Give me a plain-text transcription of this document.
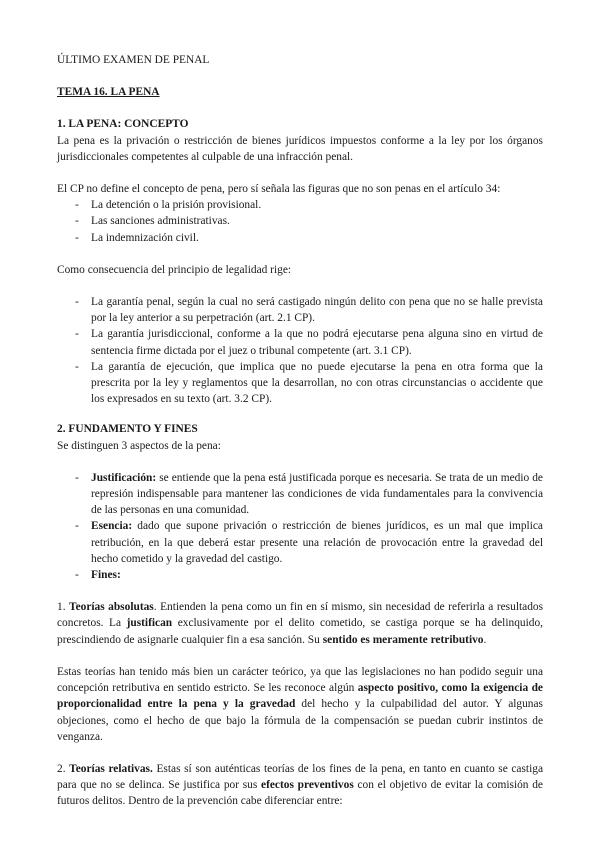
ÚLTIMO EXAMEN DE PENAL

TEMA 16. LA PENA

1. LA PENA: CONCEPTO

La pena es la privación o restricción de bienes jurídicos impuestos conforme a la ley por los órganos jurisdiccionales competentes al culpable de una infracción penal.

El CP no define el concepto de pena, pero sí señala las figuras que no son penas en el artículo 34:

- La detención o la prisión provisional.
- Las sanciones administrativas.
- La indemnización civil.

Como consecuencia del principio de legalidad rige:

- La garantía penal, según la cual no será castigado ningún delito con pena que no se halle prevista por la ley anterior a su perpetración (art. 2.1 CP).
- La garantía jurisdiccional, conforme a la que no podrá ejecutarse pena alguna sino en virtud de sentencia firme dictada por el juez o tribunal competente (art. 3.1 CP).
- La garantía de ejecución, que implica que no puede ejecutarse la pena en otra forma que la prescrita por la ley y reglamentos que la desarrollan, no con otras circunstancias o accidente que los expresados en su texto (art. 3.2 CP).

2. FUNDAMENTO Y FINES

Se distinguen 3 aspectos de la pena:

- Justificación: se entiende que la pena está justificada porque es necesaria. Se trata de un medio de represión indispensable para mantener las condiciones de vida fundamentales para la convivencia de las personas en una comunidad.
- Esencia: dado que supone privación o restricción de bienes jurídicos, es un mal que implica retribución, en la que deberá estar presente una relación de provocación entre la gravedad del hecho cometido y la gravedad del castigo.
- Fines:

1. Teorías absolutas. Entienden la pena como un fin en sí mismo, sin necesidad de referirla a resultados concretos. La justifican exclusivamente por el delito cometido, se castiga porque se ha delinquido, prescindiendo de asignarle cualquier fin a esa sanción. Su sentido es meramente retributivo.

Estas teorías han tenido más bien un carácter teórico, ya que las legislaciones no han podido seguir una concepción retributiva en sentido estricto. Se les reconoce algún aspecto positivo, como la exigencia de proporcionalidad entre la pena y la gravedad del hecho y la culpabilidad del autor. Y algunas objeciones, como el hecho de que bajo la fórmula de la compensación se puedan cubrir instintos de venganza.

2. Teorías relativas. Estas sí son auténticas teorías de los fines de la pena, en tanto en cuanto se castiga para que no se delinca. Se justifica por sus efectos preventivos con el objetivo de evitar la comisión de futuros delitos. Dentro de la prevención cabe diferenciar entre:
